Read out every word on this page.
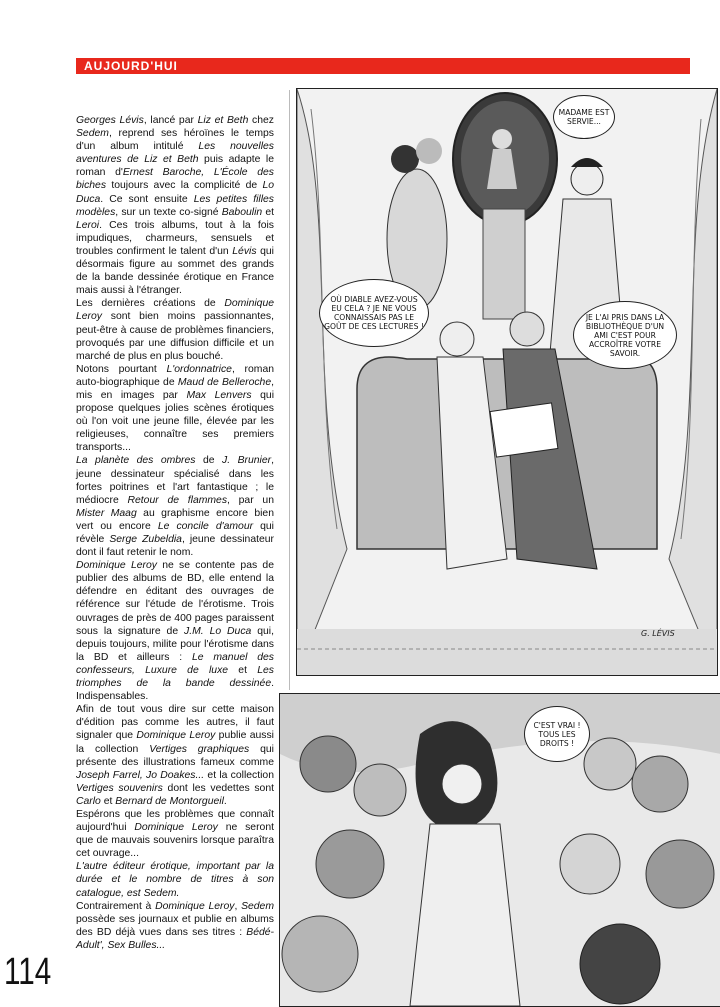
AUJOURD'HUI

Georges Lévis, lancé par Liz et Beth chez Sedem, reprend ses héroïnes le temps d'un album intitulé Les nouvelles aventures de Liz et Beth puis adapte le roman d'Ernest Baroche, L'École des biches toujours avec la complicité de Lo Duca. Ce sont ensuite Les petites filles modèles, sur un texte co-signé Baboulin et Leroi. Ces trois albums, tout à la fois impudiques, charmeurs, sensuels et troubles confirment le talent d'un Lévis qui désormais figure au sommet des grands de la bande dessinée érotique en France mais aussi à l'étranger.

Les dernières créations de Dominique Leroy sont bien moins passionnantes, peut-être à cause de problèmes financiers, provoqués par une diffusion difficile et un marché de plus en plus bouché.

Notons pourtant L'ordonnatrice, roman auto-biographique de Maud de Belleroche, mis en images par Max Lenvers qui propose quelques jolies scènes érotiques où l'on voit une jeune fille, élevée par les religieuses, connaître ses premiers transports...

La planète des ombres de J. Brunier, jeune dessinateur spécialisé dans les fortes poitrines et l'art fantastique ; le médiocre Retour de flammes, par un Mister Maag au graphisme encore bien vert ou encore Le concile d'amour qui révèle Serge Zubeldia, jeune dessinateur dont il faut retenir le nom.

Dominique Leroy ne se contente pas de publier des albums de BD, elle entend la défendre en éditant des ouvrages de référence sur l'étude de l'érotisme. Trois ouvrages de près de 400 pages paraissent sous la signature de J.M. Lo Duca qui, depuis toujours, milite pour l'érotisme dans la BD et ailleurs : Le manuel des confesseurs, Luxure de luxe et Les triomphes de la bande dessinée. Indispensables.

Afin de tout vous dire sur cette maison d'édition pas comme les autres, il faut signaler que Dominique Leroy publie aussi la collection Vertiges graphiques qui présente des illustrations fameux comme Joseph Farrel, Jo Doakes... et la collection Vertiges souvenirs dont les vedettes sont Carlo et Bernard de Montorgueil.

Espérons que les problèmes que connaît aujourd'hui Dominique Leroy ne seront que de mauvais souvenirs lorsque paraîtra cet ouvrage...

L'autre éditeur érotique, important par la durée et le nombre de titres à son catalogue, est Sedem.

Contrairement à Dominique Leroy, Sedem possède ses journaux et publie en albums des BD déjà vues dans ses titres : Bédé-Adult', Sex Bulles...

MADAME EST SERVIE...
OÙ DIABLE AVEZ-VOUS EU CELA ? JE NE VOUS CONNAISSAIS PAS LE GOÛT DE CES LECTURES !
JE L'AI PRIS DANS LA BIBLIOTHÈQUE D'UN AMI C'EST POUR ACCROÎTRE VOTRE SAVOIR.
G. LÉVIS
C'EST VRAI ! TOUS LES DROITS !
114
